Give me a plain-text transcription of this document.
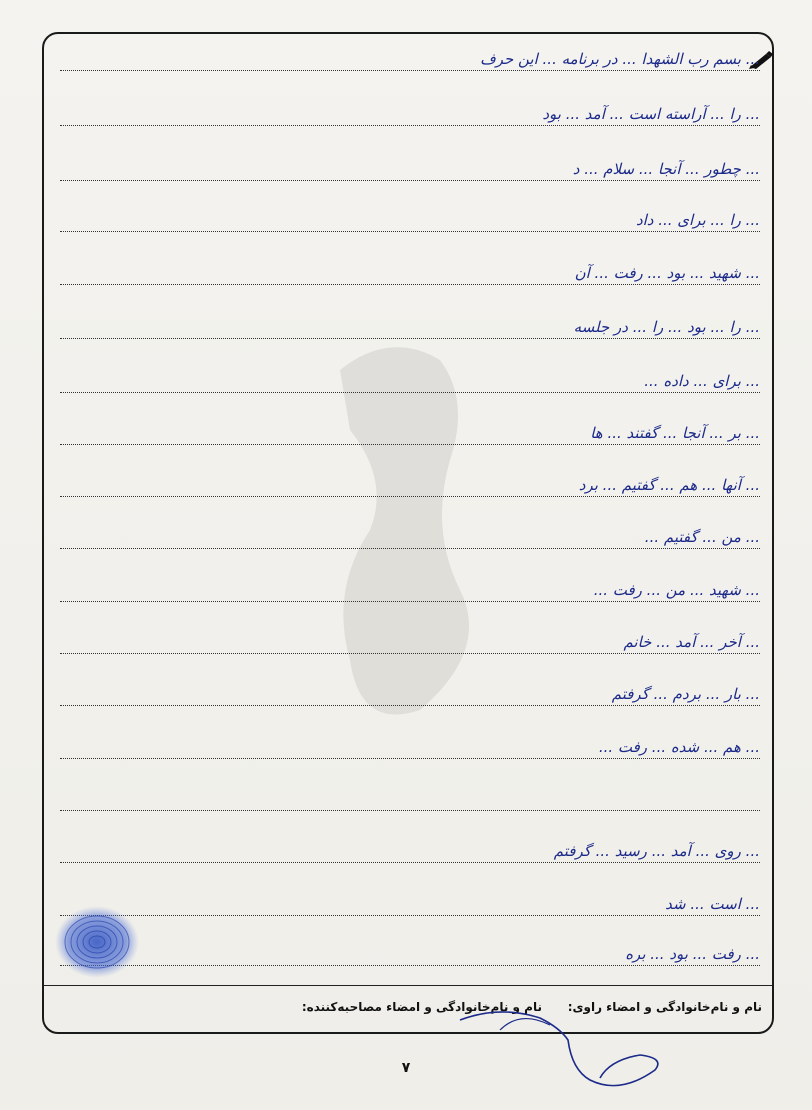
... بسم رب الشهدا ... در برنامه ... این حرف
... را ... آراسته است ... آمد ... بود
... چطور ... آنجا ... سلام ... د
... را ... برای ... داد
... شهید ... بود ... رفت ... آن
... را ... بود ... را ... در جلسه
... برای ... داده ...
... بر ... آنجا ... گفتند ... ها
... آنها ... هم ... گفتیم ... برد
... من ... گفتیم ...
... شهید ... من ... رفت ...
... آخر ... آمد ... خانم
... بار ... بردم ... گرفتم
... هم ... شده ... رفت ...
... روی ... آمد ... رسید ... گرفتم
... است ... شد
... رفت ... بود ... بره
نام و نام‌خانوادگی و امضاء مصاحبه‌کننده: نام و نام‌خانوادگی و امضاء راوی:
۷
